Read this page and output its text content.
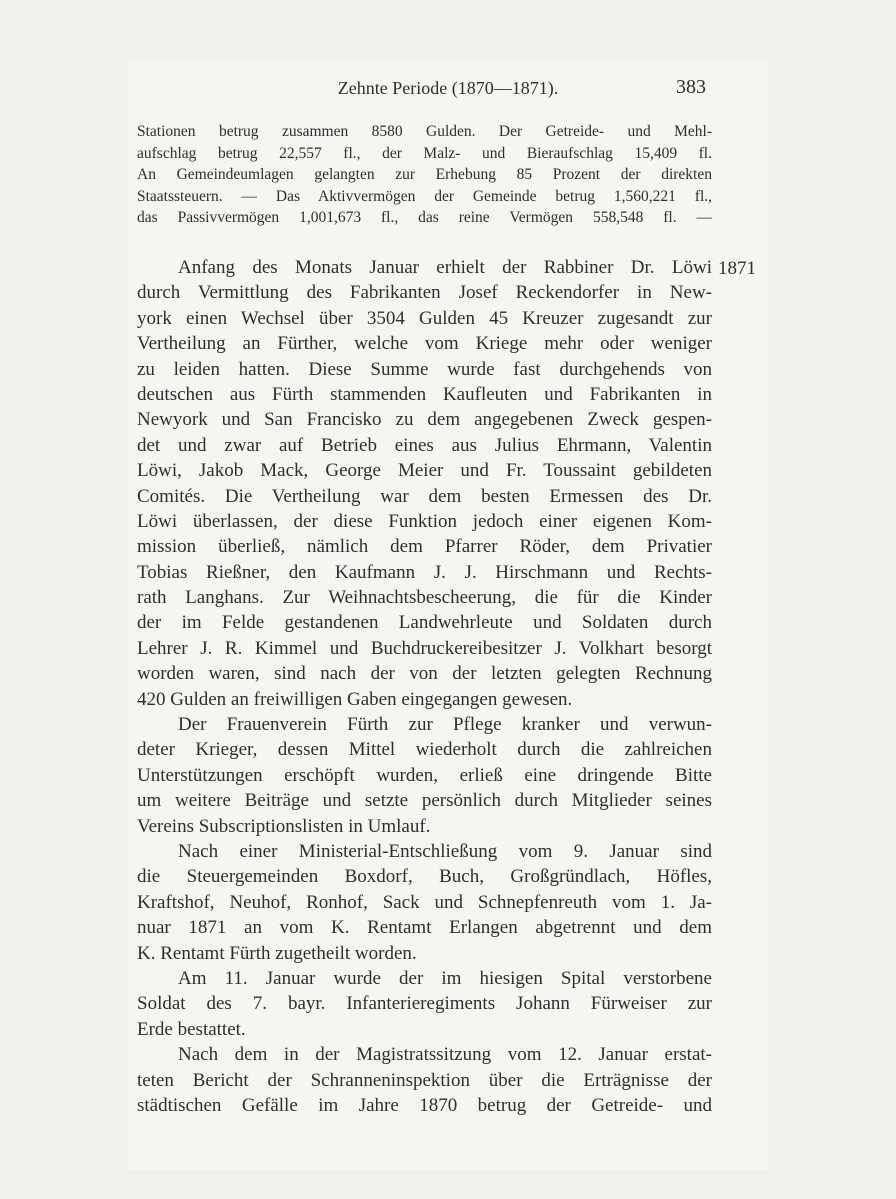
Zehnte Periode (1870—1871).	383
1871
Stationen betrug zusammen 8580 Gulden. Der Getreide- und Mehl-
aufschlag betrug 22,557 fl., der Malz- und Bieraufschlag 15,409 fl.
An Gemeindeumlagen gelangten zur Erhebung 85 Prozent der direkten
Staatssteuern. — Das Aktivvermögen der Gemeinde betrug 1,560,221 fl.,
das Passivvermögen 1,001,673 fl., das reine Vermögen 558,548 fl. —
Anfang des Monats Januar erhielt der Rabbiner Dr. Löwi
durch Vermittlung des Fabrikanten Josef Reckendorfer in New-
york einen Wechsel über 3504 Gulden 45 Kreuzer zugesandt zur
Vertheilung an Fürther, welche vom Kriege mehr oder weniger
zu leiden hatten. Diese Summe wurde fast durchgehends von
deutschen aus Fürth stammenden Kaufleuten und Fabrikanten in
Newyork und San Francisko zu dem angegebenen Zweck gespen-
det und zwar auf Betrieb eines aus Julius Ehrmann, Valentin
Löwi, Jakob Mack, George Meier und Fr. Toussaint gebildeten
Comités. Die Vertheilung war dem besten Ermessen des Dr.
Löwi überlassen, der diese Funktion jedoch einer eigenen Kom-
mission überließ, nämlich dem Pfarrer Röder, dem Privatier
Tobias Rießner, den Kaufmann J. J. Hirschmann und Rechts-
rath Langhans. Zur Weihnachtsbescheerung, die für die Kinder
der im Felde gestandenen Landwehrleute und Soldaten durch
Lehrer J. R. Kimmel und Buchdruckereibesitzer J. Volkhart besorgt
worden waren, sind nach der von der letzten gelegten Rechnung
420 Gulden an freiwilligen Gaben eingegangen gewesen.
Der Frauenverein Fürth zur Pflege kranker und verwun-
deter Krieger, dessen Mittel wiederholt durch die zahlreichen
Unterstützungen erschöpft wurden, erließ eine dringende Bitte
um weitere Beiträge und setzte persönlich durch Mitglieder seines
Vereins Subscriptionslisten in Umlauf.
Nach einer Ministerial-Entschließung vom 9. Januar sind
die Steuergemeinden Boxdorf, Buch, Großgründlach, Höfles,
Kraftshof, Neuhof, Ronhof, Sack und Schnepfenreuth vom 1. Ja-
nuar 1871 an vom K. Rentamt Erlangen abgetrennt und dem
K. Rentamt Fürth zugetheilt worden.
Am 11. Januar wurde der im hiesigen Spital verstorbene
Soldat des 7. bayr. Infanterieregiments Johann Fürweiser zur
Erde bestattet.
Nach dem in der Magistratssitzung vom 12. Januar erstat-
teten Bericht der Schranneninspektion über die Erträgnisse der
städtischen Gefälle im Jahre 1870 betrug der Getreide- und
